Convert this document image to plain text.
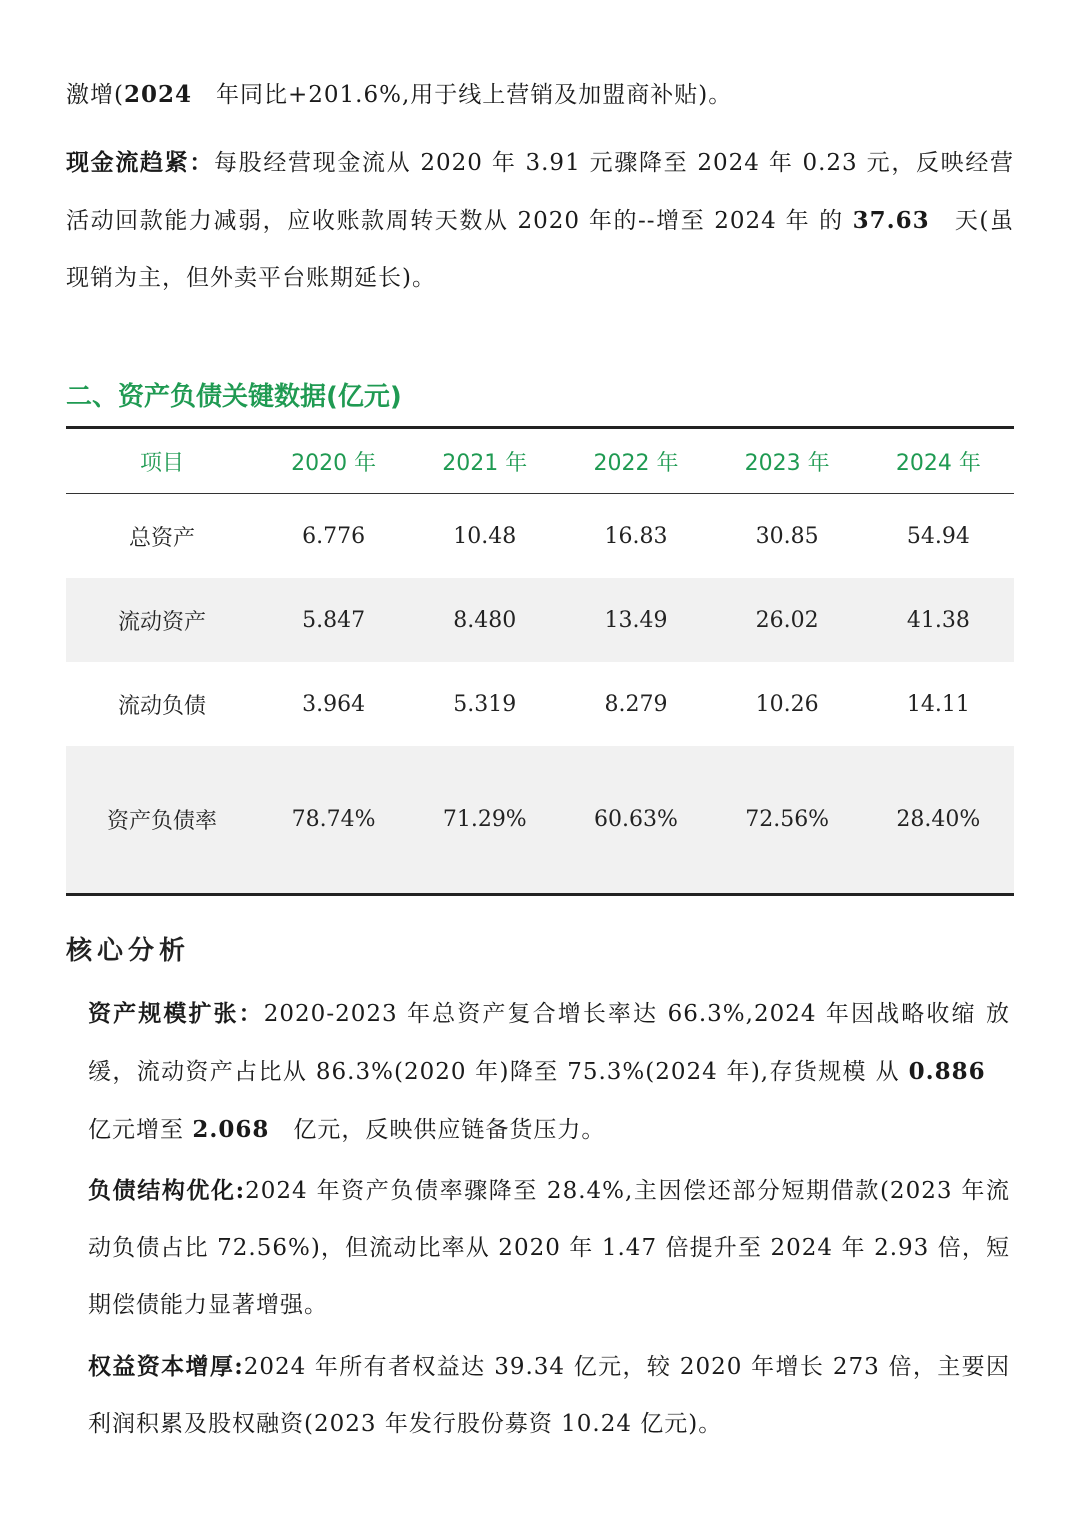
激增(2024　年同比+201.6%,用于线上营销及加盟商补贴)。

现金流趋紧：每股经营现金流从 2020 年 3.91 元骤降至 2024 年 0.23 元，反映经营活动回款能力减弱，应收账款周转天数从 2020 年的--增至 2024 年 的 37.63　天(虽现销为主，但外卖平台账期延长)。

二、资产负债关键数据(亿元)
项目	2020 年	2021 年	2022 年	2023 年	2024 年
总资产	6.776	10.48	16.83	30.85	54.94
流动资产	5.847	8.480	13.49	26.02	41.38
流动负债	3.964	5.319	8.279	10.26	14.11
资产负债率	78.74%	71.29%	60.63%	72.56%	28.40%
核心分析

资产规模扩张：2020-2023 年总资产复合增长率达 66.3%,2024 年因战略收缩 放缓，流动资产占比从 86.3%(2020 年)降至 75.3%(2024 年),存货规模 从 0.886　亿元增至 2.068　亿元，反映供应链备货压力。

负债结构优化:2024 年资产负债率骤降至 28.4%,主因偿还部分短期借款(2023 年流动负债占比 72.56%)，但流动比率从 2020 年 1.47 倍提升至 2024 年 2.93 倍，短期偿债能力显著增强。

权益资本增厚:2024 年所有者权益达 39.34 亿元，较 2020 年增长 273 倍，主要因利润积累及股权融资(2023 年发行股份募资 10.24 亿元)。
